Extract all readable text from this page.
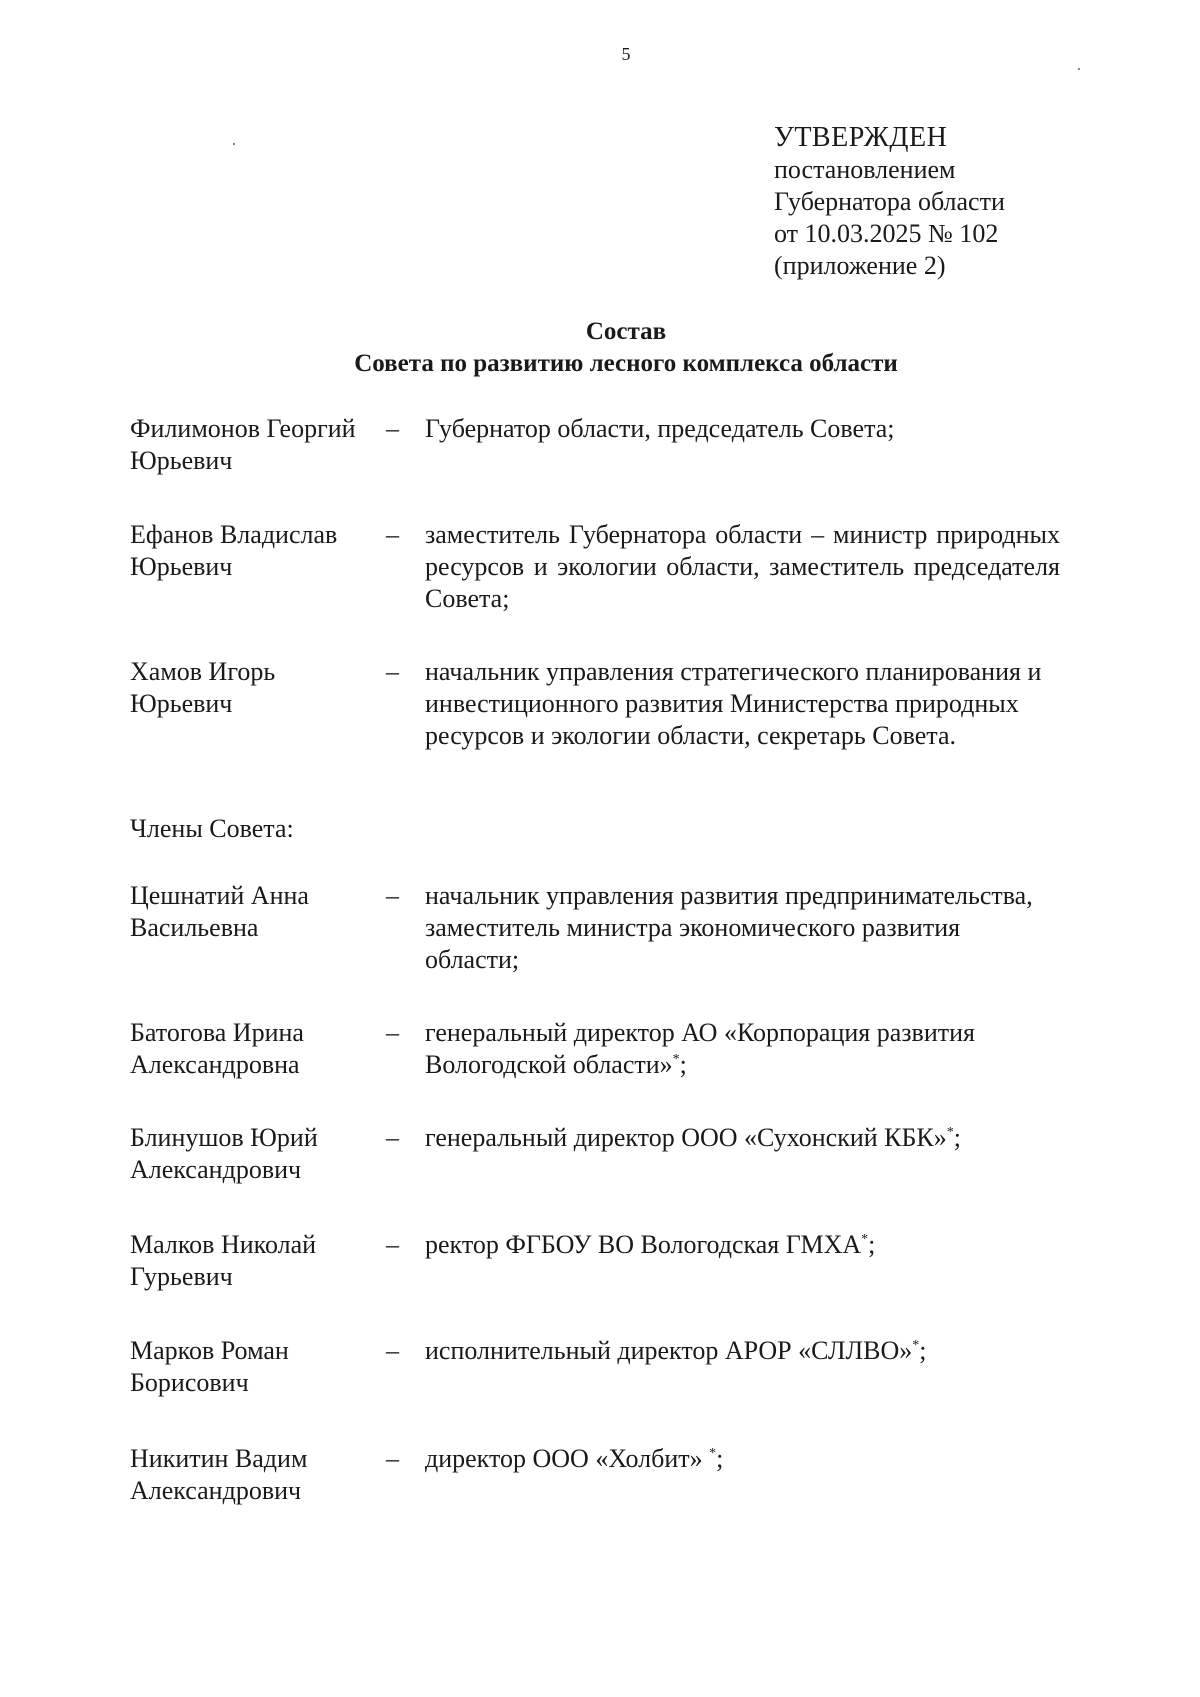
5
УТВЕРЖДЕН
постановлением
Губернатора области
от 10.03.2025 № 102
(приложение 2)
Состав
Совета по развитию лесного комплекса области
Филимонов Георгий Юрьевич
– Губернатор области, председатель Совета;
Ефанов Владислав Юрьевич
– заместитель Губернатора области – министр природных ресурсов и экологии области, заместитель председателя Совета;
Хамов Игорь Юрьевич
– начальник управления стратегического планирования и инвестиционного развития Министерства природных ресурсов и экологии области, секретарь Совета.
Члены Совета:
Цешнатий Анна Васильевна
– начальник управления развития предпринимательства, заместитель министра экономического развития области;
Батогова Ирина Александровна
– генеральный директор АО «Корпорация развития Вологодской области»*;
Блинушов Юрий Александрович
– генеральный директор ООО «Сухонский КБК»*;
Малков Николай Гурьевич
– ректор ФГБОУ ВО Вологодская ГМХА*;
Марков Роман Борисович
– исполнительный директор АРОР «СЛЛВО»*;
Никитин Вадим Александрович
– директор ООО «Холбит» *;
